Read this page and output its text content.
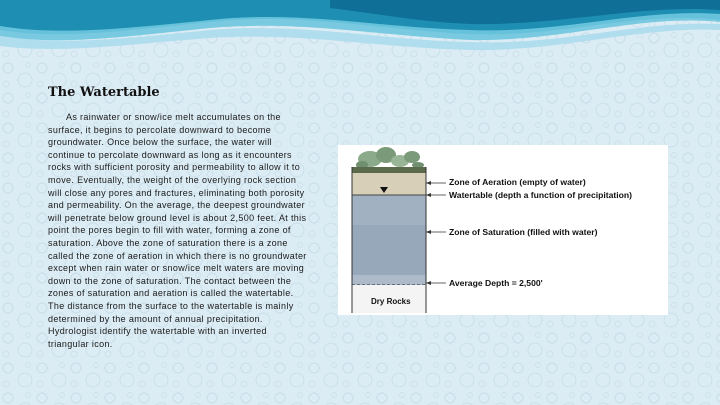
The Watertable
As rainwater or snow/ice melt accumulates on the surface, it begins to percolate downward to become groundwater. Once below the surface, the water will continue to percolate downward as long as it encounters rocks with sufficient porosity and permeability to allow it to move. Eventually, the weight of the overlying rock section will close any pores and fractures, eliminating both porosity and permeability. On the average, the deepest groundwater will penetrate below ground level is about 2,500 feet. At this point the pores begin to fill with water, forming a zone of saturation. Above the zone of saturation there is a zone called the zone of aeration in which there is no groundwater except when rain water or snow/ice melt waters are moving down to the zone of saturation. The contact between the zones of saturation and aeration is called the watertable. The distance from the surface to the watertable is mainly determined by the amount of annual precipitation. Hydrologist identify the watertable with an inverted triangular icon.
Zone of Aeration (empty of water)
Watertable (depth a function of precipitation)
Zone of Saturation (filled with water)
Average Depth = 2,500'
Dry Rocks
